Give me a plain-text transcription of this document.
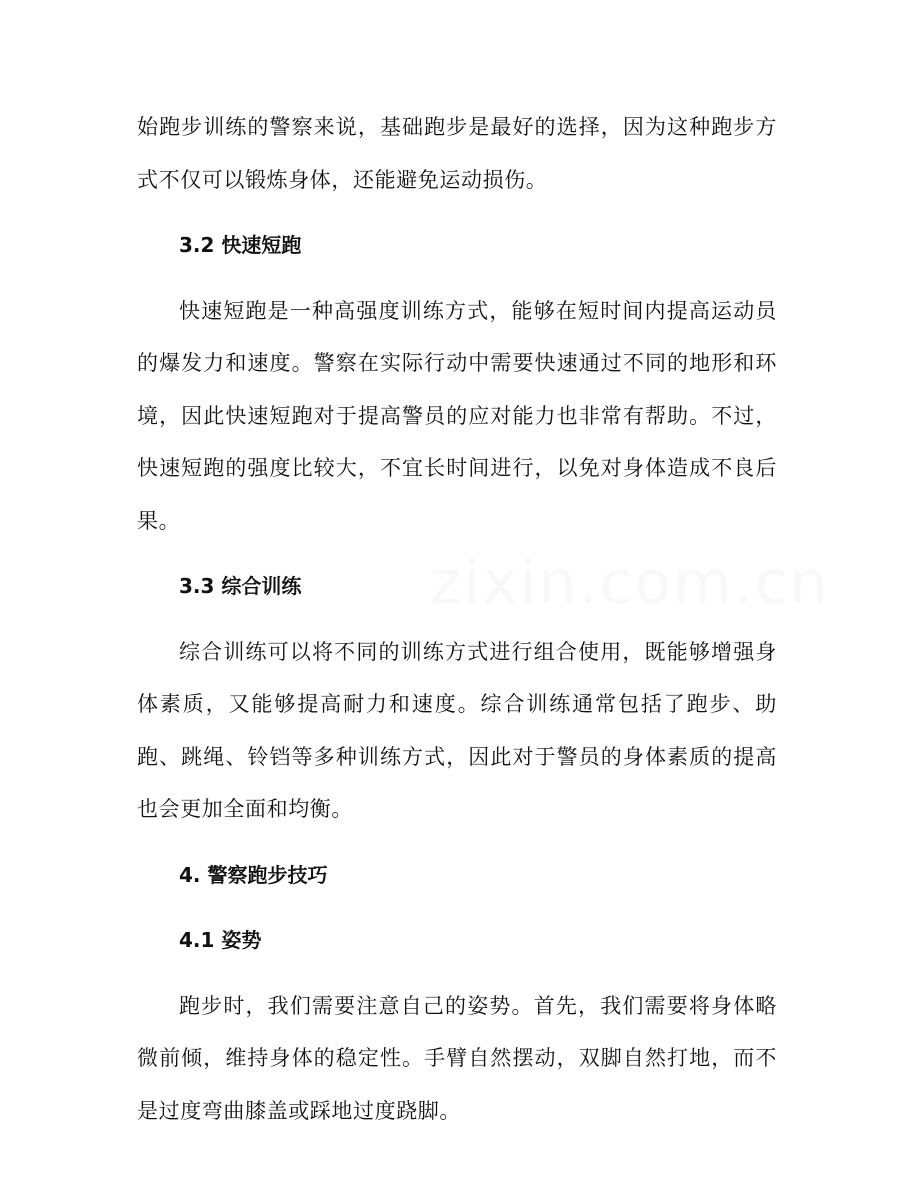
始跑步训练的警察来说，基础跑步是最好的选择，因为这种跑步方式不仅可以锻炼身体，还能避免运动损伤。

3.2 快速短跑

快速短跑是一种高强度训练方式，能够在短时间内提高运动员的爆发力和速度。警察在实际行动中需要快速通过不同的地形和环境，因此快速短跑对于提高警员的应对能力也非常有帮助。不过，快速短跑的强度比较大，不宜长时间进行，以免对身体造成不良后果。

3.3 综合训练

综合训练可以将不同的训练方式进行组合使用，既能够增强身体素质，又能够提高耐力和速度。综合训练通常包括了跑步、助跑、跳绳、铃铛等多种训练方式，因此对于警员的身体素质的提高也会更加全面和均衡。

4. 警察跑步技巧
4.1 姿势

跑步时，我们需要注意自己的姿势。首先，我们需要将身体略微前倾，维持身体的稳定性。手臂自然摆动，双脚自然打地，而不是过度弯曲膝盖或踩地过度跷脚。

zixin.com.cn
